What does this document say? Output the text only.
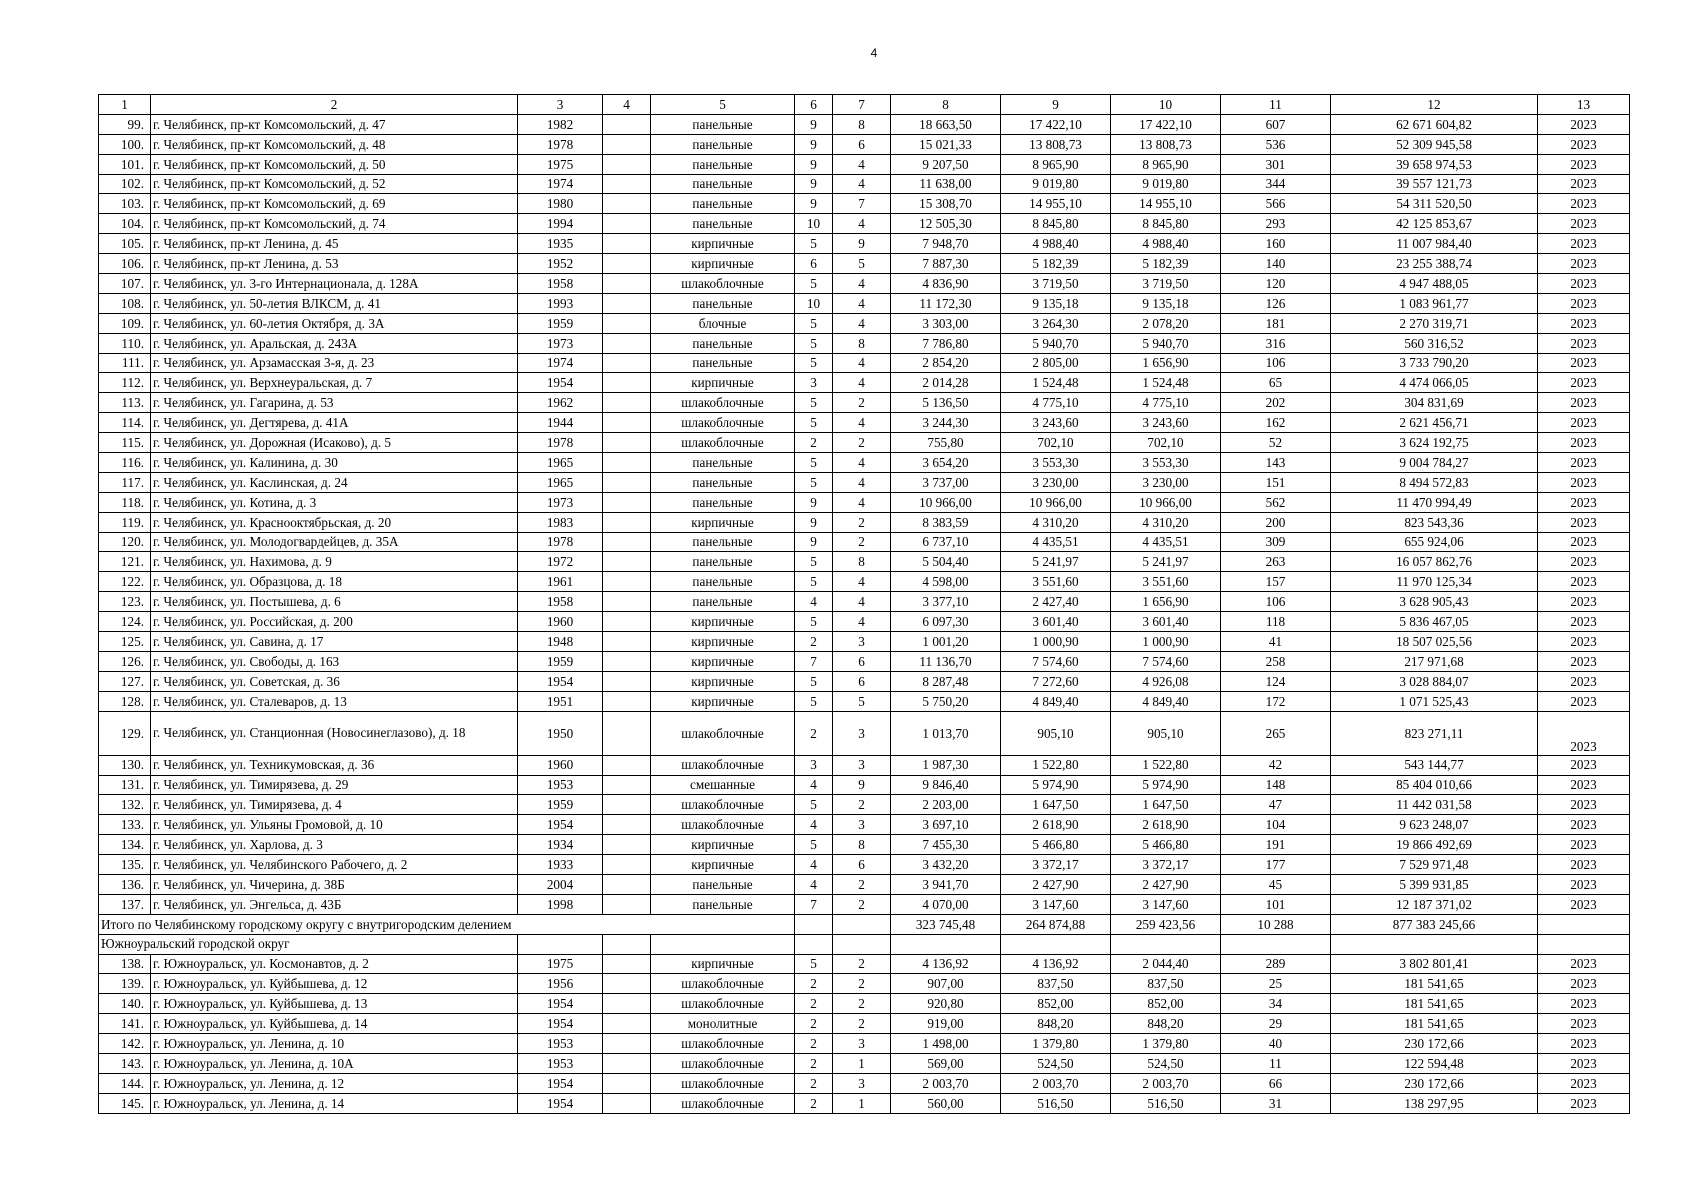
4
1	2	3	4	5	6	7	8	9	10	11	12	13
99.	г. Челябинск, пр-кт Комсомольский, д. 47	1982		панельные	9	8	18 663,50	17 422,10	17 422,10	607	62 671 604,82	2023
100.	г. Челябинск, пр-кт Комсомольский, д. 48	1978		панельные	9	6	15 021,33	13 808,73	13 808,73	536	52 309 945,58	2023
101.	г. Челябинск, пр-кт Комсомольский, д. 50	1975		панельные	9	4	9 207,50	8 965,90	8 965,90	301	39 658 974,53	2023
102.	г. Челябинск, пр-кт Комсомольский, д. 52	1974		панельные	9	4	11 638,00	9 019,80	9 019,80	344	39 557 121,73	2023
103.	г. Челябинск, пр-кт Комсомольский, д. 69	1980		панельные	9	7	15 308,70	14 955,10	14 955,10	566	54 311 520,50	2023
104.	г. Челябинск, пр-кт Комсомольский, д. 74	1994		панельные	10	4	12 505,30	8 845,80	8 845,80	293	42 125 853,67	2023
105.	г. Челябинск, пр-кт Ленина, д. 45	1935		кирпичные	5	9	7 948,70	4 988,40	4 988,40	160	11 007 984,40	2023
106.	г. Челябинск, пр-кт Ленина, д. 53	1952		кирпичные	6	5	7 887,30	5 182,39	5 182,39	140	23 255 388,74	2023
107.	г. Челябинск, ул. 3-го Интернационала, д. 128А	1958		шлакоблочные	5	4	4 836,90	3 719,50	3 719,50	120	4 947 488,05	2023
108.	г. Челябинск, ул. 50-летия ВЛКСМ, д. 41	1993		панельные	10	4	11 172,30	9 135,18	9 135,18	126	1 083 961,77	2023
109.	г. Челябинск, ул. 60-летия Октября, д. 3А	1959		блочные	5	4	3 303,00	3 264,30	2 078,20	181	2 270 319,71	2023
110.	г. Челябинск, ул. Аральская, д. 243А	1973		панельные	5	8	7 786,80	5 940,70	5 940,70	316	560 316,52	2023
111.	г. Челябинск, ул. Арзамасская 3-я, д. 23	1974		панельные	5	4	2 854,20	2 805,00	1 656,90	106	3 733 790,20	2023
112.	г. Челябинск, ул. Верхнеуральская, д. 7	1954		кирпичные	3	4	2 014,28	1 524,48	1 524,48	65	4 474 066,05	2023
113.	г. Челябинск, ул. Гагарина, д. 53	1962		шлакоблочные	5	2	5 136,50	4 775,10	4 775,10	202	304 831,69	2023
114.	г. Челябинск, ул. Дегтярева, д. 41А	1944		шлакоблочные	5	4	3 244,30	3 243,60	3 243,60	162	2 621 456,71	2023
115.	г. Челябинск, ул. Дорожная (Исаково), д. 5	1978		шлакоблочные	2	2	755,80	702,10	702,10	52	3 624 192,75	2023
116.	г. Челябинск, ул. Калинина, д. 30	1965		панельные	5	4	3 654,20	3 553,30	3 553,30	143	9 004 784,27	2023
117.	г. Челябинск, ул. Каслинская, д. 24	1965		панельные	5	4	3 737,00	3 230,00	3 230,00	151	8 494 572,83	2023
118.	г. Челябинск, ул. Котина, д. 3	1973		панельные	9	4	10 966,00	10 966,00	10 966,00	562	11 470 994,49	2023
119.	г. Челябинск, ул. Краснооктябрьская, д. 20	1983		кирпичные	9	2	8 383,59	4 310,20	4 310,20	200	823 543,36	2023
120.	г. Челябинск, ул. Молодогвардейцев, д. 35А	1978		панельные	9	2	6 737,10	4 435,51	4 435,51	309	655 924,06	2023
121.	г. Челябинск, ул. Нахимова, д. 9	1972		панельные	5	8	5 504,40	5 241,97	5 241,97	263	16 057 862,76	2023
122.	г. Челябинск, ул. Образцова, д. 18	1961		панельные	5	4	4 598,00	3 551,60	3 551,60	157	11 970 125,34	2023
123.	г. Челябинск, ул. Постышева, д. 6	1958		панельные	4	4	3 377,10	2 427,40	1 656,90	106	3 628 905,43	2023
124.	г. Челябинск, ул. Российская, д. 200	1960		кирпичные	5	4	6 097,30	3 601,40	3 601,40	118	5 836 467,05	2023
125.	г. Челябинск, ул. Савина, д. 17	1948		кирпичные	2	3	1 001,20	1 000,90	1 000,90	41	18 507 025,56	2023
126.	г. Челябинск, ул. Свободы, д. 163	1959		кирпичные	7	6	11 136,70	7 574,60	7 574,60	258	217 971,68	2023
127.	г. Челябинск, ул. Советская, д. 36	1954		кирпичные	5	6	8 287,48	7 272,60	4 926,08	124	3 028 884,07	2023
128.	г. Челябинск, ул. Сталеваров, д. 13	1951		кирпичные	5	5	5 750,20	4 849,40	4 849,40	172	1 071 525,43	2023
129.	г. Челябинск, ул. Станционная (Новосинеглазово), д. 18	1950		шлакоблочные	2	3	1 013,70	905,10	905,10	265	823 271,11	2023
130.	г. Челябинск, ул. Техникумовская, д. 36	1960		шлакоблочные	3	3	1 987,30	1 522,80	1 522,80	42	543 144,77	2023
131.	г. Челябинск, ул. Тимирязева, д. 29	1953		смешанные	4	9	9 846,40	5 974,90	5 974,90	148	85 404 010,66	2023
132.	г. Челябинск, ул. Тимирязева, д. 4	1959		шлакоблочные	5	2	2 203,00	1 647,50	1 647,50	47	11 442 031,58	2023
133.	г. Челябинск, ул. Ульяны Громовой, д. 10	1954		шлакоблочные	4	3	3 697,10	2 618,90	2 618,90	104	9 623 248,07	2023
134.	г. Челябинск, ул. Харлова, д. 3	1934		кирпичные	5	8	7 455,30	5 466,80	5 466,80	191	19 866 492,69	2023
135.	г. Челябинск, ул. Челябинского Рабочего, д. 2	1933		кирпичные	4	6	3 432,20	3 372,17	3 372,17	177	7 529 971,48	2023
136.	г. Челябинск, ул. Чичерина, д. 38Б	2004		панельные	4	2	3 941,70	2 427,90	2 427,90	45	5 399 931,85	2023
137.	г. Челябинск, ул. Энгельса, д. 43Б	1998		панельные	7	2	4 070,00	3 147,60	3 147,60	101	12 187 371,02	2023
Итого по Челябинскому городскому округу с внутригородским делением							323 745,48	264 874,88	259 423,56	10 288	877 383 245,66	
Южноуральский городской округ												
138.	г. Южноуральск, ул. Космонавтов, д. 2	1975		кирпичные	5	2	4 136,92	4 136,92	2 044,40	289	3 802 801,41	2023
139.	г. Южноуральск, ул. Куйбышева, д. 12	1956		шлакоблочные	2	2	907,00	837,50	837,50	25	181 541,65	2023
140.	г. Южноуральск, ул. Куйбышева, д. 13	1954		шлакоблочные	2	2	920,80	852,00	852,00	34	181 541,65	2023
141.	г. Южноуральск, ул. Куйбышева, д. 14	1954		монолитные	2	2	919,00	848,20	848,20	29	181 541,65	2023
142.	г. Южноуральск, ул. Ленина, д. 10	1953		шлакоблочные	2	3	1 498,00	1 379,80	1 379,80	40	230 172,66	2023
143.	г. Южноуральск, ул. Ленина, д. 10А	1953		шлакоблочные	2	1	569,00	524,50	524,50	11	122 594,48	2023
144.	г. Южноуральск, ул. Ленина, д. 12	1954		шлакоблочные	2	3	2 003,70	2 003,70	2 003,70	66	230 172,66	2023
145.	г. Южноуральск, ул. Ленина, д. 14	1954		шлакоблочные	2	1	560,00	516,50	516,50	31	138 297,95	2023
